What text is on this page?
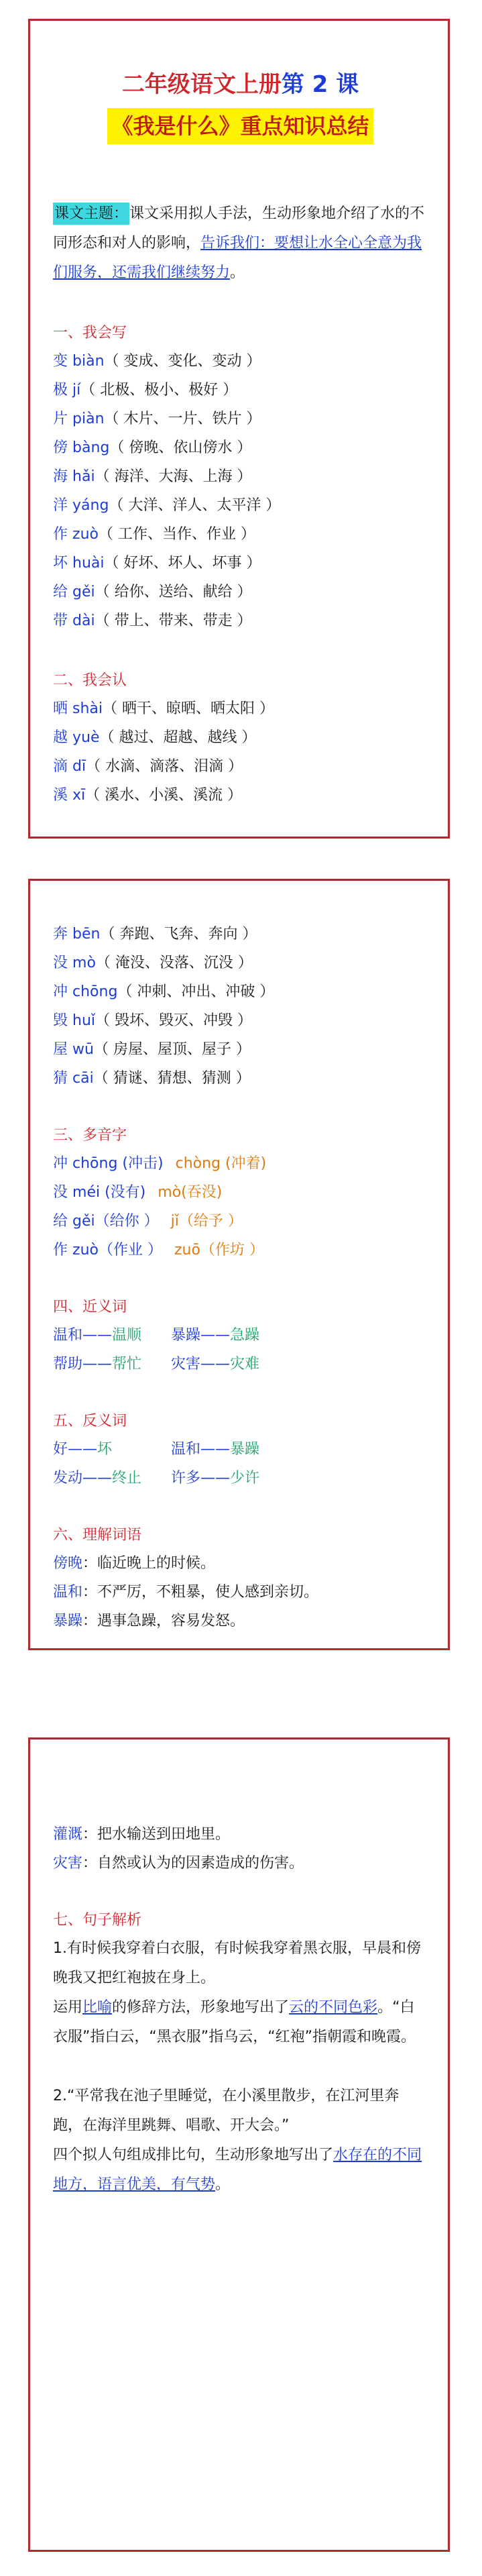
二年级语文上册第 2 课
《我是什么》重点知识总结
课文主题：课文采用拟人手法，生动形象地介绍了水的不同形态和对人的影响，告诉我们：要想让水全心全意为我们服务，还需我们继续努力。
一、我会写
变 biàn（ 变成、变化、变动 ）
极 jí（ 北极、极小、极好 ）
片 piàn（ 木片、一片、铁片 ）
傍 bàng（ 傍晚、依山傍水 ）
海 hǎi（ 海洋、大海、上海 ）
洋 yáng（ 大洋、洋人、太平洋 ）
作 zuò（ 工作、当作、作业 ）
坏 huài（ 好坏、坏人、坏事 ）
给 gěi（ 给你、送给、献给 ）
带 dài（ 带上、带来、带走 ）
二、我会认
晒 shài（ 晒干、晾晒、晒太阳 ）
越 yuè（ 越过、超越、越线 ）
滴 dī（ 水滴、滴落、泪滴 ）
溪 xī（ 溪水、小溪、溪流 ）
奔 bēn（ 奔跑、飞奔、奔向 ）
没 mò（ 淹没、没落、沉没 ）
冲 chōng（ 冲刺、冲出、冲破 ）
毁 huǐ（ 毁坏、毁灭、冲毁 ）
屋 wū（ 房屋、屋顶、屋子 ）
猜 cāi（ 猜谜、猜想、猜测 ）
三、多音字
冲 chōng (冲击) chòng (冲着)
没 méi (没有) mò(吞没)
给 gěi（给你 ） jǐ（给予 ）
作 zuò（作业 ） zuō（作坊 ）
四、近义词
温和——温顺 暴躁——急躁
帮助——帮忙 灾害——灾难
五、反义词
好——坏	温和——暴躁
发动——终止 许多——少许
六、理解词语
傍晚：临近晚上的时候。
温和：不严厉，不粗暴，使人感到亲切。
暴躁：遇事急躁，容易发怒。
灌溉：把水输送到田地里。
灾害：自然或认为的因素造成的伤害。
七、句子解析
1.有时候我穿着白衣服，有时候我穿着黑衣服，早晨和傍晚我又把红袍披在身上。
运用比喻的修辞方法，形象地写出了云的不同色彩。“白衣服”指白云，“黑衣服”指乌云，“红袍”指朝霞和晚霞。
2.“平常我在池子里睡觉，在小溪里散步，在江河里奔跑，在海洋里跳舞、唱歌、开大会。”
四个拟人句组成排比句，生动形象地写出了水存在的不同地方，语言优美，有气势。
